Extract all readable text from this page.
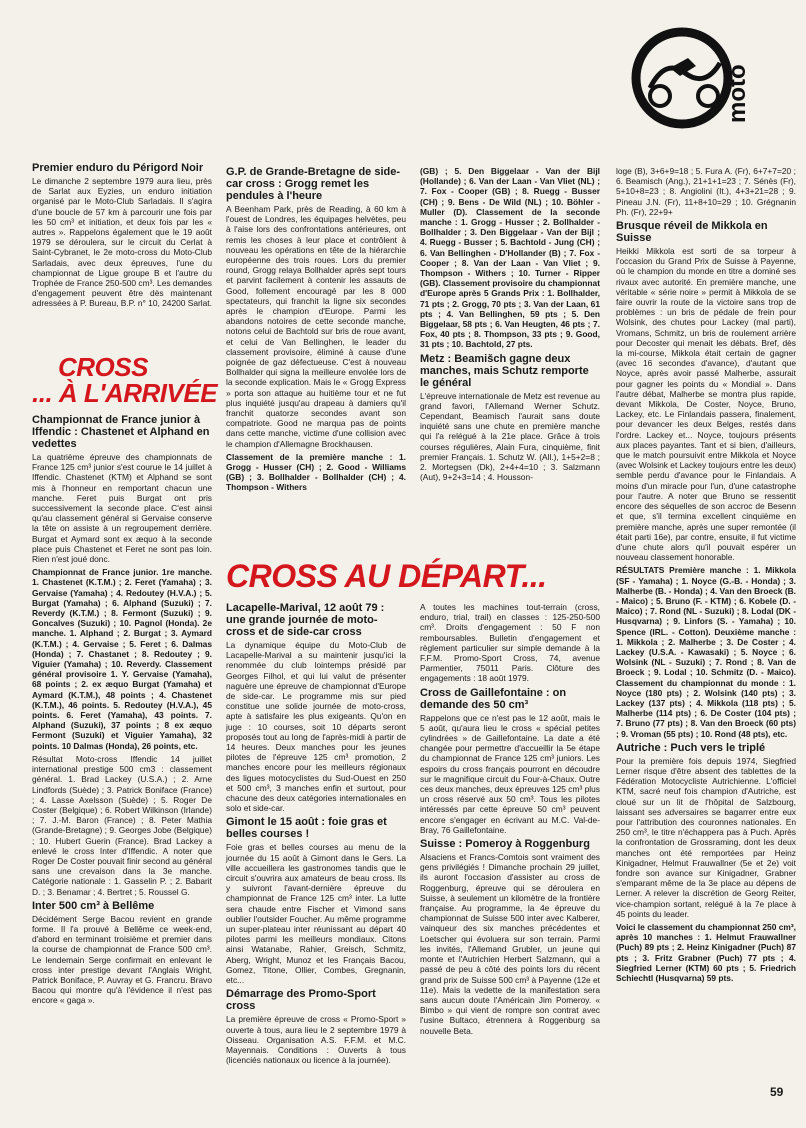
moto
Premier enduro du Périgord Noir

Le dimanche 2 septembre 1979 aura lieu, près de Sarlat aux Eyzies, un enduro initiation organisé par le Moto-Club Sarladais. Il s'agira d'une boucle de 57 km à parcourir une fois par les 50 cm³ et initiation, et deux fois par les « autres ». Rappelons également que le 19 août 1979 se déroulera, sur le circuit du Cerlat à Saint-Cybranet, le 2e moto-cross du Moto-Club Sarladais, avec deux épreuves, l'une du championnat de Ligue groupe B et l'autre du Trophée de France 250-500 cm³. Les demandes d'engagement peuvent être dès maintenant adressées à P. Bureau, B.P. n° 10, 24200 Sarlat.

CROSS
... À L'ARRIVÉE
Championnat de France junior à Iffendic : Chastenet et Alphand en vedettes

La quatrième épreuve des championnats de France 125 cm³ junior s'est courue le 14 juillet à Iffendic. Chastenet (KTM) et Alphand se sont mis à l'honneur en remportant chacun une manche. Feret puis Burgat ont pris successivement la seconde place. C'est ainsi qu'au classement général si Gervaise conserve la tête on assiste à un regroupement derrière. Burgat et Aymard sont ex æquo à la seconde place puis Chastenet et Feret ne sont pas loin. Rien n'est joué donc.

Championnat de France junior. 1re manche. 1. Chastenet (K.T.M.) ; 2. Feret (Yamaha) ; 3. Gervaise (Yamaha) ; 4. Redoutey (H.V.A.) ; 5. Burgat (Yamaha) ; 6. Alphand (Suzuki) ; 7. Reverdy (K.T.M.) ; 8. Fermont (Suzuki) ; 9. Goncalves (Suzuki) ; 10. Pagnol (Honda). 2e manche. 1. Alphand ; 2. Burgat ; 3. Aymard (K.T.M.) ; 4. Gervaise ; 5. Feret ; 6. Dalmas (Honda) ; 7. Chastanet ; 8. Redoutey ; 9. Viguier (Yamaha) ; 10. Reverdy. Classement général provisoire 1. Y. Gervaise (Yamaha), 68 points ; 2. ex æquo Burgat (Yamaha) et Aymard (K.T.M.), 48 points ; 4. Chastenet (K.T.M.), 46 points. 5. Redoutey (H.V.A.), 45 points. 6. Feret (Yamaha), 43 points. 7. Alphand (Suzuki), 37 points ; 8 ex æquo Fermont (Suzuki) et Viguier Yamaha), 32 points. 10 Dalmas (Honda), 26 points, etc.

Résultat Moto-cross Iffendic 14 juillet international prestige 500 cm3 : classement général. 1. Brad Lackey (U.S.A.) ; 2. Arne Lindfords (Suède) ; 3. Patrick Boniface (France) ; 4. Lasse Axelsson (Suède) ; 5. Roger De Coster (Belgique) ; 6. Robert Wilkinson (Irlande) ; 7. J.-M. Baron (France) ; 8. Peter Mathia (Grande-Bretagne) ; 9. Georges Jobe (Belgique) ; 10. Hubert Guerin (France). Brad Lackey a enlevé le cross Inter d'Iffendic. A noter que Roger De Coster pouvait finir second au général sans une crevaison dans la 3e manche. Catégorie nationale : 1. Gasselin P. ; 2. Babarit D. ; 3. Benamar ; 4. Bertret ; 5. Roussel G.

Inter 500 cm³ à Bellême

Décidément Serge Bacou revient en grande forme. Il l'a prouvé à Bellême ce week-end, d'abord en terminant troisième et premier dans la course de championnat de France 500 cm³. Le lendemain Serge confirmait en enlevant le cross inter prestige devant l'Anglais Wright, Patrick Boniface, P. Auvray et G. Francru. Bravo Bacou qui montre qu'à l'évidence il n'est pas encore « gaga ».

G.P. de Grande-Bretagne de side-car cross : Grogg remet les pendules à l'heure

A Beenham Park, près de Reading, à 60 km à l'ouest de Londres, les équipages helvètes, peu à l'aise lors des confrontations antérieures, ont remis les choses à leur place et contrôlent à nouveau les opérations en tête de la hiérarchie européenne des trois roues. Lors du premier round, Grogg relaya Bollhalder après sept tours et parvint facilement à contenir les assauts de Good, follement encouragé par les 8 000 spectateurs, qui franchit la ligne six secondes après le champion d'Europe. Parmi les abandons notoires de cette seconde manche, notons celui de Bachtold sur bris de roue avant, et celui de Van Bellinghen, le leader du classement provisoire, éliminé à cause d'une poignée de gaz défectueuse. C'est à nouveau Bollhalder qui signa la meilleure envolée lors de la seconde explication. Mais le « Grogg Express » porta son attaque au huitième tour et ne fut plus inquiété jusqu'au drapeau à damiers qu'il franchit quatorze secondes avant son compatriote. Good ne marqua pas de points dans cette manche, victime d'une collision avec le champion d'Allemagne Brockhausen.

Classement de la première manche : 1. Grogg - Husser (CH) ; 2. Good - Williams (GB) ; 3. Bollhalder - Bollhalder (CH) ; 4. Thompson - Withers

CROSS AU DÉPART...
Lacapelle-Marival, 12 août 79 : une grande journée de moto-cross et de side-car cross

La dynamique équipe du Moto-Club de Lacapelle-Marival a su maintenir jusqu'ici la renommée du club lointemps présidé par Georges Filhol, et qui lui valut de présenter naguère une épreuve de championnat d'Europe de side-car. Le programme mis sur pied constitue une solide journée de moto-cross, apte à satisfaire les plus exigeants. Qu'on en juge : 10 courses, soit 10 départs seront proposés tout au long de l'après-midi à partir de 14 heures. Deux manches pour les jeunes pilotes de l'épreuve 125 cm³ promotion, 2 manches encore pour les meilleurs régionaux des ligues motocyclistes du Sud-Ouest en 250 et 500 cm³, 3 manches enfin et surtout, pour chacune des deux catégories internationales en solo et side-car.

Gimont le 15 août : foie gras et belles courses !

Foie gras et belles courses au menu de la journée du 15 août à Gimont dans le Gers. La ville accueillera les gastronomes tandis que le circuit s'ouvrira aux amateurs de beau cross. Ils y suivront l'avant-dernière épreuve du championnat de France 125 cm³ inter. La lutte sera chaude entre Fischer et Vimond sans oublier l'outsider Foucher. Au même programme un super-plateau inter réunissant au départ 40 pilotes parmi les meilleurs mondiaux. Citons ainsi Watanabe, Rahier, Greisch, Schmitz, Aberg, Wright, Munoz et les Français Bacou, Gomez, Titone, Ollier, Combes, Gregnanin, etc...

Démarrage des Promo-Sport cross

La première épreuve de cross « Promo-Sport » ouverte à tous, aura lieu le 2 septembre 1979 à Oisseau. Organisation A.S. F.F.M. et M.C. Mayennais. Conditions : Ouverts à tous (licenciés nationaux ou licence à la journée).

(GB) ; 5. Den Biggelaar - Van der Bijl (Hollande) ; 6. Van der Laan - Van Vliet (NL) ; 7. Fox - Cooper (GB) ; 8. Ruegg - Busser (CH) ; 9. Bens - De Wild (NL) ; 10. Böhler - Muller (D). Classement de la seconde manche : 1. Grogg - Husser ; 2. Bollhalder - Bollhalder ; 3. Den Biggelaar - Van der Bijl ; 4. Ruegg - Busser ; 5. Bachtold - Jung (CH) ; 6. Van Bellinghen - D'Hollander (B) ; 7. Fox - Cooper ; 8. Van der Laan - Van Vliet ; 9. Thompson - Withers ; 10. Turner - Ripper (GB). Classement provisoire du championnat d'Europe après 5 Grands Prix : 1. Bollhalder, 71 pts ; 2. Grogg, 70 pts ; 3. Van der Laan, 61 pts ; 4. Van Bellinghen, 59 pts ; 5. Den Biggelaar, 58 pts ; 6. Van Heugten, 46 pts ; 7. Fox, 40 pts ; 8. Thompson, 33 pts ; 9. Good, 31 pts ; 10. Bachtold, 27 pts.

Metz : Beamišch gagne deux manches, mais Schutz remporte le général

L'épreuve internationale de Metz est revenue au grand favori, l'Allemand Werner Schutz. Cependant, Beamisch l'aurait sans doute inquiété sans une chute en première manche qui l'a relégué à la 21e place. Grâce à trois courses régulières, Alain Fura, cinquième, finit premier Français. 1. Schutz W. (All.), 1+5+2=8 ; 2. Mortegsen (Dk), 2+4+4=10 ; 3. Salzmann (Aut), 9+2+3=14 ; 4. Housson-

A toutes les machines tout-terrain (cross, enduro, trial, trail) en classes : 125-250-500 cm³. Droits d'engagement : 50 F non remboursables. Bulletin d'engagement et règlement particulier sur simple demande à la F.F.M. Promo-Sport Cross, 74, avenue Parmentier, 75011 Paris. Clôture des engagements : 18 août 1979.

Cross de Gaillefontaine : on demande des 50 cm³

Rappelons que ce n'est pas le 12 août, mais le 5 août, qu'aura lieu le cross « spécial petites cylindrées » de Gaillefontaine. La date a été changée pour permettre d'accueillir la 5e étape du championnat de France 125 cm³ juniors. Les espoirs du cross français pourront en découdre sur le magnifique circuit du Four-à-Chaux. Outre ces deux manches, deux épreuves 125 cm³ plus un cross réservé aux 50 cm³. Tous les pilotes intéressés par cette épreuve 50 cm³ peuvent encore s'engager en écrivant au M.C. Val-de-Bray, 76 Gaillefontaine.

Suisse : Pomeroy à Roggenburg

Alsaciens et Francs-Comtois sont vraiment des gens privilégiés ! Dimanche prochain 29 juillet, ils auront l'occasion d'assister au cross de Roggenburg, épreuve qui se déroulera en Suisse, à seulement un kilomètre de la frontière française. Au programme, la 4e épreuve du championnat de Suisse 500 inter avec Kalberer, vainqueur des six manches précédentes et Loetscher qui évoluera sur son terrain. Parmi les invités, l'Allemand Grubler, un jeune qui monte et l'Autrichien Herbert Salzmann, qui a passé de peu à côté des points lors du récent grand prix de Suisse 500 cm³ à Payenne (12e et 11e). Mais la vedette de la manifestation sera sans aucun doute l'Américain Jim Pomeroy. « Bimbo » qui vient de rompre son contrat avec l'usine Bultaco, étrennera à Roggenburg sa nouvelle Beta.

loge (B), 3+6+9=18 ; 5. Fura A. (Fr), 6+7+7=20 ; 6. Beamisch (Ang.), 21+1+1=23 ; 7. Sénès (Fr), 5+10+8=23 ; 8. Angiolini (It.), 4+3+21=28 ; 9. Pineau J.N. (Fr), 11+8+10=29 ; 10. Grégnanin Ph. (Fr), 22+9+

Brusque réveil de Mikkola en Suisse

Heikki Mikkola est sorti de sa torpeur à l'occasion du Grand Prix de Suisse à Payenne, où le champion du monde en titre a dominé ses rivaux avec autorité. En première manche, une véritable « série noire » permit à Mikkola de se faire ouvrir la route de la victoire sans trop de problèmes : un bris de pédale de frein pour Wolsink, des chutes pour Lackey (mal parti), Vromans, Schmitz, un bris de roulement arrière pour Decoster qui menait les débats. Bref, dès la mi-course, Mikkola était certain de gagner (avec 16 secondes d'avance), d'autant que Noyce, après avoir passé Malherbe, assurait pour gagner les points du « Mondial ». Dans l'autre débat, Malherbe se montra plus rapide, devant Mikkola, De Coster, Noyce, Bruno, Lackey, etc. Le Finlandais passera, finalement, pour devancer les deux Belges, restés dans l'ordre. Lackey et... Noyce, toujours présents aux places payantes. Tant et si bien, d'ailleurs, que le match poursuivit entre Mikkola et Noyce (avec Wolsink et Lackey toujours entre les deux) semble perdu d'avance pour le Finlandais. A moins d'un miracle pour l'un, d'une catastrophe pour l'autre. A noter que Bruno se ressentit encore des séquelles de son accroc de Besenn et que, s'il termina excellent cinquième en première manche, après une super remontée (il était parti 16e), par contre, ensuite, il fut victime d'une chute alors qu'il pouvait espérer un nouveau classement honorable.

RÉSULTATS Première manche : 1. Mikkola (SF - Yamaha) ; 1. Noyce (G.-B. - Honda) ; 3. Malherbe (B. - Honda) ; 4. Van den Broeck (B. - Maico) ; 5. Bruno (F. - KTM) ; 6. Kobele (D. - Maico) ; 7. Rond (NL - Suzuki) ; 8. Lodal (DK - Husqvarna) ; 9. Linfors (S. - Yamaha) ; 10. Spence (IRL. - Cotton). Deuxième manche : 1. Mikkola ; 2. Malherbe ; 3. De Coster ; 4. Lackey (U.S.A. - Kawasaki) ; 5. Noyce ; 6. Wolsink (NL - Suzuki) ; 7. Rond ; 8. Van de Broeck ; 9. Lodal ; 10. Schmitz (D. - Maico). Classement du championnat du monde : 1. Noyce (180 pts) ; 2. Wolsink (140 pts) ; 3. Lackey (137 pts) ; 4. Mikkola (118 pts) ; 5. Malherbe (114 pts) ; 6. De Coster (104 pts) ; 7. Bruno (77 pts) ; 8. Van den Broeck (60 pts) ; 9. Vroman (55 pts) ; 10. Rond (48 pts), etc.

Autriche : Puch vers le triplé

Pour la première fois depuis 1974, Siegfried Lerner risque d'être absent des tablettes de la Fédération Motocycliste Autrichienne. L'officiel KTM, sacré neuf fois champion d'Autriche, est cloué sur un lit de l'hôpital de Salzbourg, laissant ses adversaires se bagarrer entre eux pour l'attribution des couronnes nationales. En 250 cm³, le titre n'échappera pas à Puch. Après la confrontation de Grossraming, dont les deux manches ont été remportées par Heinz Kinigadner, Helmut Frauwallner (5e et 2e) voit fondre son avance sur Kinigadner, Grabner s'emparant même de la 3e place au dépens de Lerner. A relever la discrétion de Georg Reiter, vice-champion sortant, relégué à la 7e place à 45 points du leader.

Voici le classement du championnat 250 cm³, après 10 manches : 1. Helmut Frauwallner (Puch) 89 pts ; 2. Heinz Kinigadner (Puch) 87 pts ; 3. Fritz Grabner (Puch) 77 pts ; 4. Siegfried Lerner (KTM) 60 pts ; 5. Friedrich Schiechtl (Husqvarna) 59 pts.

59
